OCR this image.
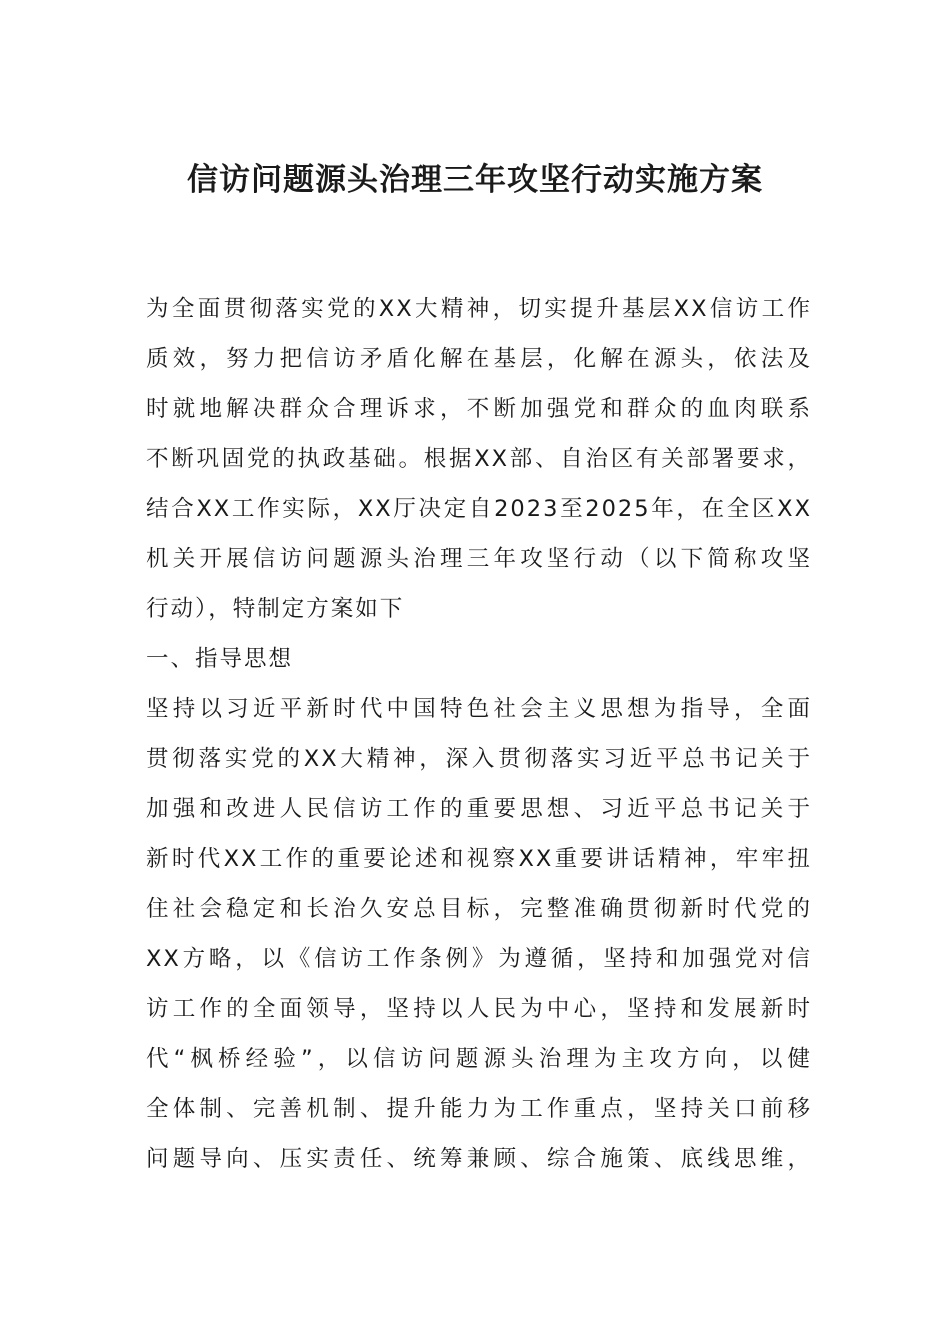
信访问题源头治理三年攻坚行动实施方案
为全面贯彻落实党的XX大精神，切实提升基层XX信访工作
质效，努力把信访矛盾化解在基层，化解在源头，依法及
时就地解决群众合理诉求，不断加强党和群众的血肉联系
不断巩固党的执政基础。根据XX部、自治区有关部署要求，
结合XX工作实际，XX厅决定自2023至2025年，在全区XX
机关开展信访问题源头治理三年攻坚行动（以下简称攻坚
行动），特制定方案如下
一、指导思想
坚持以习近平新时代中国特色社会主义思想为指导，全面
贯彻落实党的XX大精神，深入贯彻落实习近平总书记关于
加强和改进人民信访工作的重要思想、习近平总书记关于
新时代XX工作的重要论述和视察XX重要讲话精神，牢牢扭
住社会稳定和长治久安总目标，完整准确贯彻新时代党的
XX方略，以《信访工作条例》为遵循，坚持和加强党对信
访工作的全面领导，坚持以人民为中心，坚持和发展新时
代“枫桥经验”，以信访问题源头治理为主攻方向，以健
全体制、完善机制、提升能力为工作重点，坚持关口前移
问题导向、压实责任、统筹兼顾、综合施策、底线思维，
